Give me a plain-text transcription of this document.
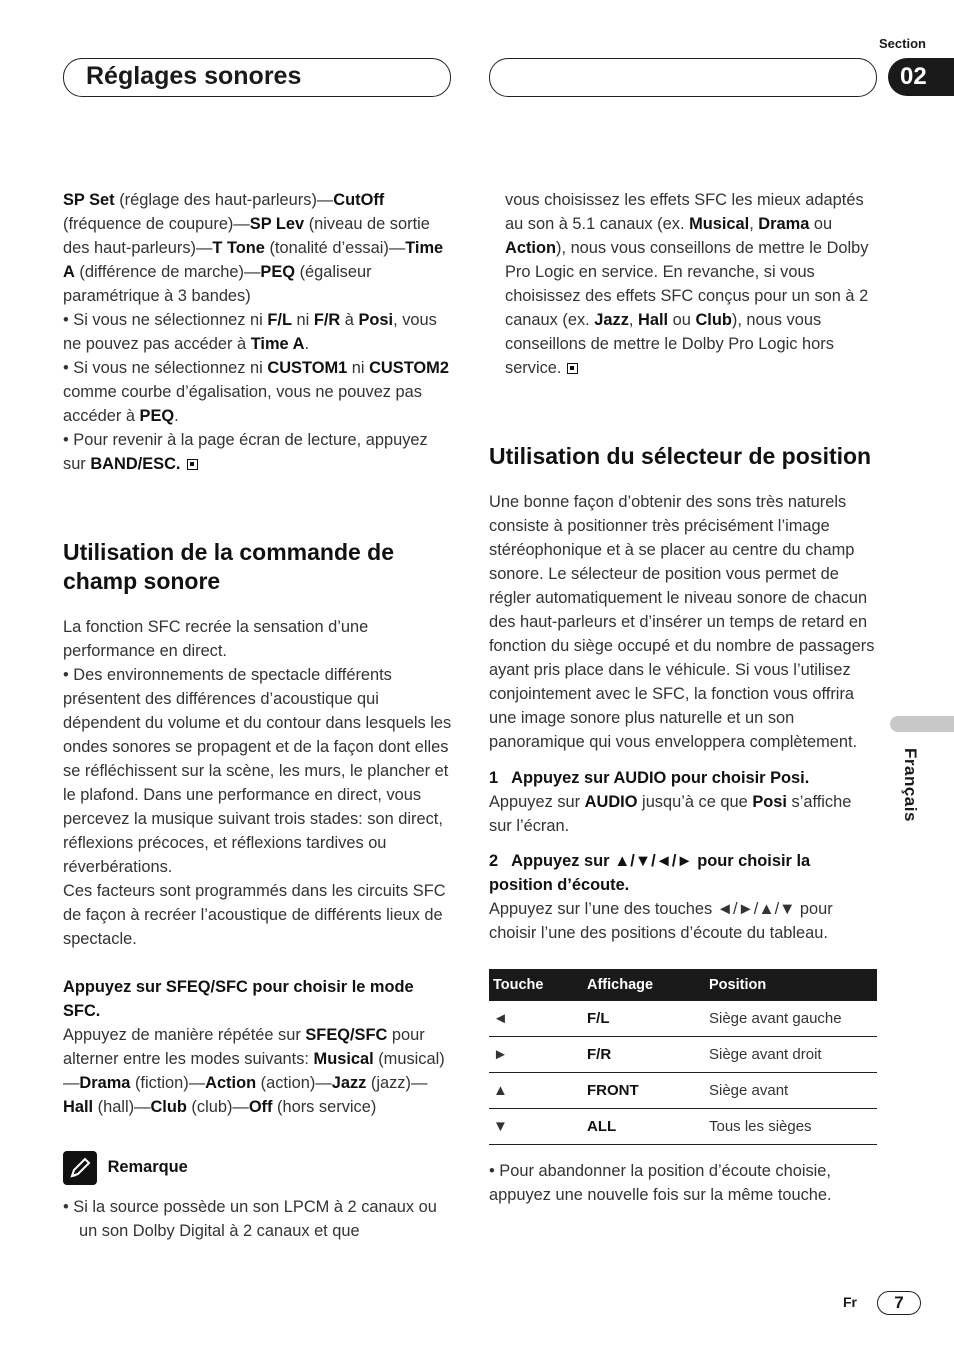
Réglages sonores
Section
02
Français

SP Set (réglage des haut-parleurs)—CutOff (fréquence de coupure)—SP Lev (niveau de sortie des haut-parleurs)—T Tone (tonalité d’essai)—Time A (différence de marche)—PEQ (égaliseur paramétrique à 3 bandes)

• Si vous ne sélectionnez ni F/L ni F/R à Posi, vous ne pouvez pas accéder à Time A.

• Si vous ne sélectionnez ni CUSTOM1 ni CUSTOM2 comme courbe d’égalisation, vous ne pouvez pas accéder à PEQ.

• Pour revenir à la page écran de lecture, appuyez sur BAND/ESC.

Utilisation de la commande de champ sonore

La fonction SFC recrée la sensation d’une performance en direct.

• Des environnements de spectacle différents présentent des différences d’acoustique qui dépendent du volume et du contour dans lesquels les ondes sonores se propagent et de la façon dont elles se réfléchissent sur la scène, les murs, le plancher et le plafond. Dans une performance en direct, vous percevez la musique suivant trois stades: son direct, réflexions précoces, et réflexions tardives ou réverbérations.

Ces facteurs sont programmés dans les circuits SFC de façon à recréer l’acoustique de différents lieux de spectacle.

Appuyez sur SFEQ/SFC pour choisir le mode SFC.

Appuyez de manière répétée sur SFEQ/SFC pour alterner entre les modes suivants: Musical (musical)—Drama (fiction)—Action (action)—Jazz (jazz)—Hall (hall)—Club (club)—Off (hors service)

Remarque

• Si la source possède un son LPCM à 2 canaux ou un son Dolby Digital à 2 canaux et que

vous choisissez les effets SFC les mieux adaptés au son à 5.1 canaux (ex. Musical, Drama ou Action), nous vous conseillons de mettre le Dolby Pro Logic en service. En revanche, si vous choisissez des effets SFC conçus pour un son à 2 canaux (ex. Jazz, Hall ou Club), nous vous conseillons de mettre le Dolby Pro Logic hors service.

Utilisation du sélecteur de position

Une bonne façon d’obtenir des sons très naturels consiste à positionner très précisément l’image stéréophonique et à se placer au centre du champ sonore. Le sélecteur de position vous permet de régler automatiquement le niveau sonore de chacun des haut-parleurs et d’insérer un temps de retard en fonction du siège occupé et du nombre de passagers ayant pris place dans le véhicule. Si vous l’utilisez conjointement avec le SFC, la fonction vous offrira une image sonore plus naturelle et un son panoramique qui vous enveloppera complètement.

1   Appuyez sur AUDIO pour choisir Posi.

Appuyez sur AUDIO jusqu’à ce que Posi s’affiche sur l’écran.

2   Appuyez sur ▲/▼/◄/► pour choisir la position d’écoute.

Appuyez sur l’une des touches ◄/►/▲/▼ pour choisir l’une des positions d’écoute du tableau.

Touche	Affichage	Position
◄	F/L	Siège avant gauche
►	F/R	Siège avant droit
▲	FRONT	Siège avant
▼	ALL	Tous les sièges

• Pour abandonner la position d’écoute choisie, appuyez une nouvelle fois sur la même touche.

Fr	7
